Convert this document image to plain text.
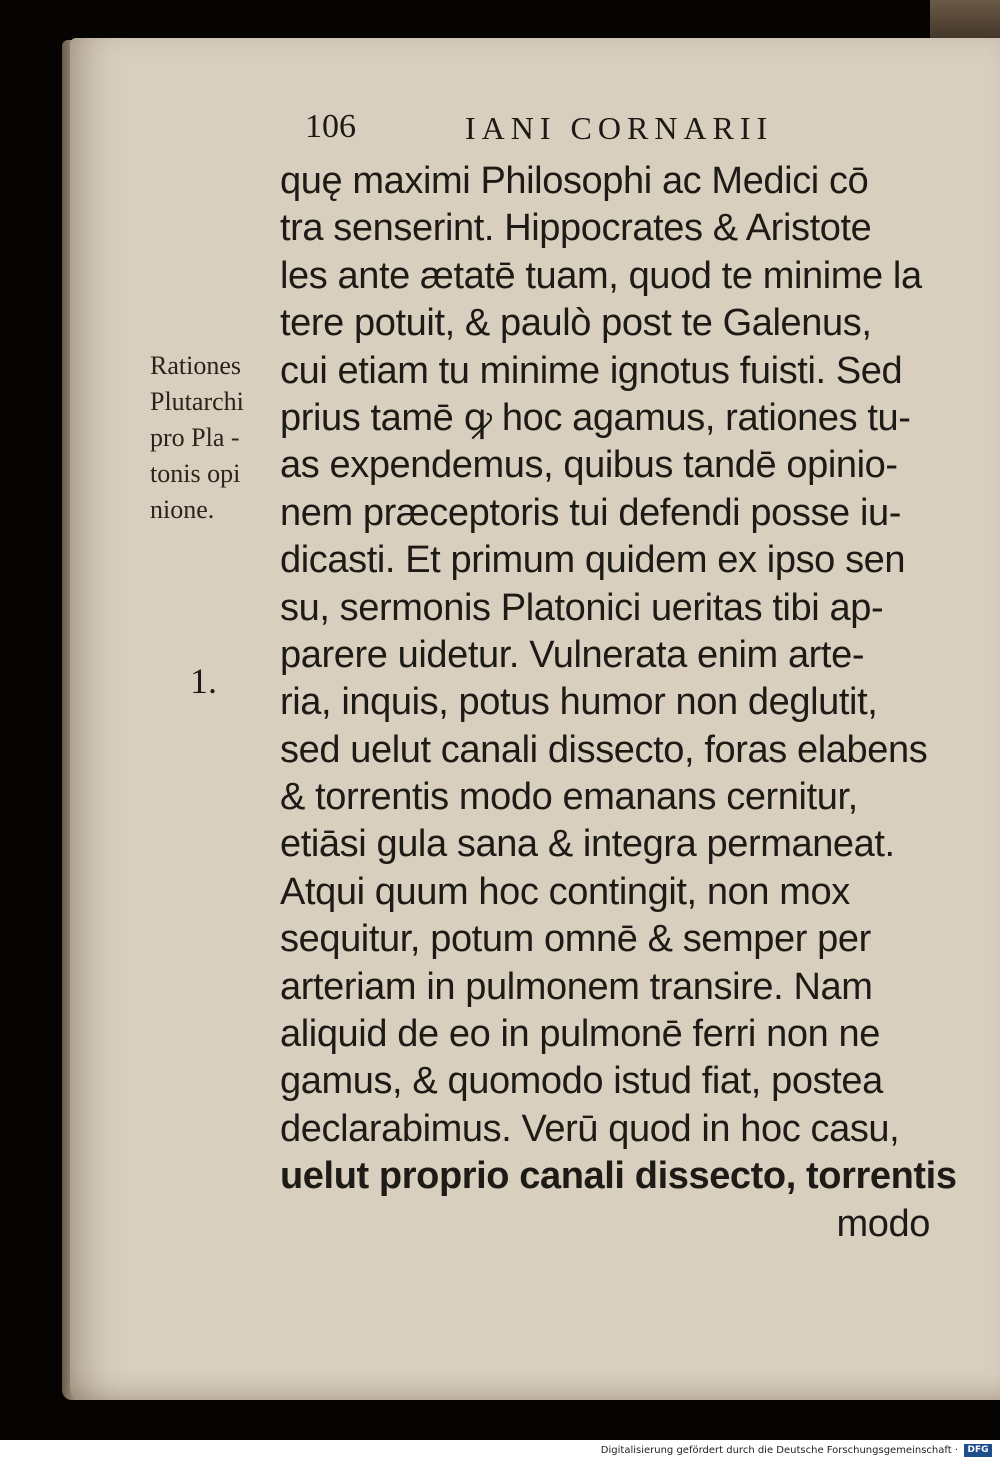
106	IANI CORNARII
Rationes
Plutarchi
pro Pla -
tonis opi
nione.
1.
quę maximi Philosophi ac Medici cō
tra senserint. Hippocrates & Aristote
les ante ætatē tuam, quod te minime la
tere potuit, & paulò post te Galenus,
cui etiam tu minime ignotus fuisti. Sed
prius tamē ꝙ hoc agamus, rationes tu-
as expendemus, quibus tandē opinio-
nem præceptoris tui defendi posse iu-
dicasti. Et primum quidem ex ipso sen
su, sermonis Platonici ueritas tibi ap-
parere uidetur. Vulnerata enim arte-
ria, inquis, potus humor non deglutit,
sed uelut canali dissecto, foras elabens
& torrentis modo emanans cernitur,
etiāsi gula sana & integra permaneat.
Atqui quum hoc contingit, non mox
sequitur, potum omnē & semper per
arteriam in pulmonem transire. Nam
aliquid de eo in pulmonē ferri non ne
gamus, & quomodo istud fiat, postea
declarabimus. Verū quod in hoc casu,
uelut proprio canali dissecto, torrentis
modo
Digitalisierung gefördert durch die Deutsche Forschungsgemeinschaft ·	DFG
